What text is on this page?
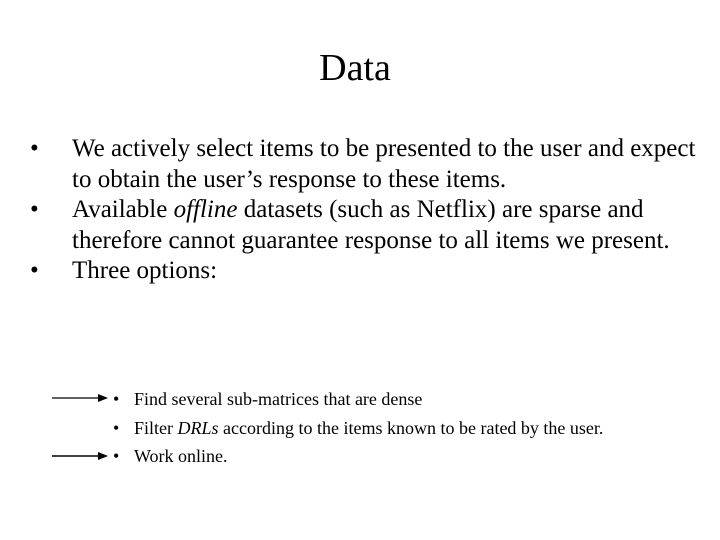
Data
•	We actively select items to be presented to the user and expect to obtain the user’s response to these items.
•	Available offline datasets (such as Netflix) are sparse and therefore cannot guarantee response to all items we present.
•	Three options:
• Find several sub-matrices that are dense
• Filter DRLs according to the items known to be rated by the user.
• Work online.
